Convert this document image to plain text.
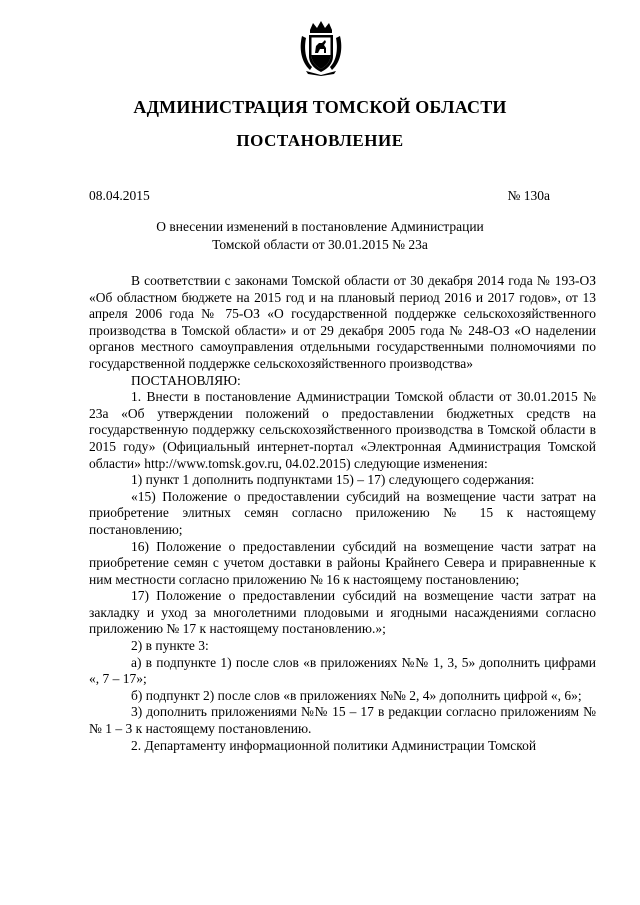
АДМИНИСТРАЦИЯ ТОМСКОЙ ОБЛАСТИ
ПОСТАНОВЛЕНИЕ
08.04.2015	№ 130а
О внесении изменений в постановление Администрации
Томской области от 30.01.2015 № 23а

В соответствии с законами Томской области от 30 декабря 2014 года № 193-ОЗ «Об областном бюджете на 2015 год и на плановый период 2016 и 2017 годов», от 13 апреля 2006 года № 75-ОЗ «О государственной поддержке сельскохозяйственного производства в Томской области» и от 29 декабря 2005 года № 248-ОЗ «О наделении органов местного самоуправления отдельными государственными полномочиями по государственной поддержке сельскохозяйственного производства»

ПОСТАНОВЛЯЮ:

1. Внести в постановление Администрации Томской области от 30.01.2015 № 23а «Об утверждении положений о предоставлении бюджетных средств на государственную поддержку сельскохозяйственного производства в Томской области в 2015 году» (Официальный интернет-портал «Электронная Администрация Томской области» http://www.tomsk.gov.ru, 04.02.2015) следующие изменения:

1) пункт 1 дополнить подпунктами 15) – 17) следующего содержания:

«15) Положение о предоставлении субсидий на возмещение части затрат на приобретение элитных семян согласно приложению № 15 к настоящему постановлению;

16) Положение о предоставлении субсидий на возмещение части затрат на приобретение семян с учетом доставки в районы Крайнего Севера и приравненные к ним местности согласно приложению № 16 к настоящему постановлению;

17) Положение о предоставлении субсидий на возмещение части затрат на закладку и уход за многолетними плодовыми и ягодными насаждениями согласно приложению № 17 к настоящему постановлению.»;

2) в пункте 3:

а) в подпункте 1) после слов «в приложениях №№ 1, 3, 5» дополнить цифрами «, 7 – 17»;

б) подпункт 2) после слов «в приложениях №№ 2, 4» дополнить цифрой «, 6»;

3) дополнить приложениями №№ 15 – 17 в редакции согласно приложениям №№ 1 – 3 к настоящему постановлению.

2. Департаменту информационной политики Администрации Томской
